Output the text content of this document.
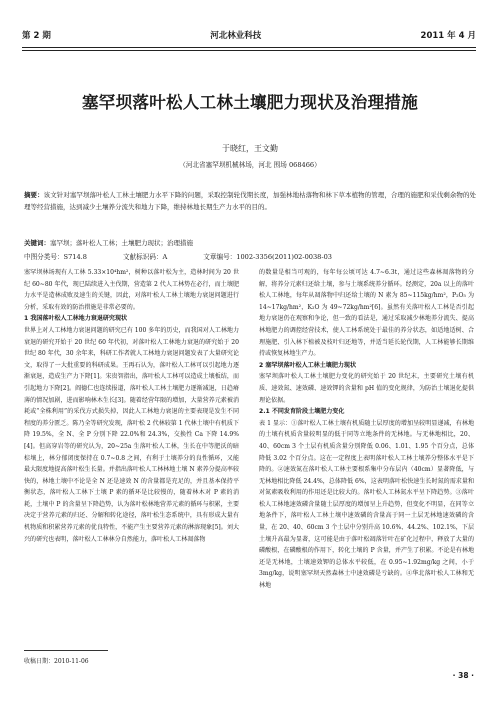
第 2 期	河北林业科技	2011 年 4 月
塞罕坝落叶松人工林土壤肥力现状及治理措施
于晓红，王文勤
（河北省塞罕坝机械林场，河北 围场 068466）
摘要：该文针对塞罕坝落叶松人工林土壤肥力水平下降的问题，采取控制轮伐期长度，加强林地枯落物和林下草本植物的管理，合理的施肥和采伐剩余物的处理等经营措施，达到减少土壤养分流失和地力下降，维持林地长期生产力水平的目的。
关键词：塞罕坝；落叶松人工林；土壤肥力现状；治理措施
中图分类号：S714.8	文献标识码：A	文章编号：1002-3356(2011)02-0038-03
塞罕坝林场现有人工林 5.33×10⁴hm²，树种以落叶松为主，造林时间为 20 世纪 60~80 年代，现已陆续进入主伐期，营造第 2 代人工林势在必行，而土壤肥力水平是造林成败及速生的关键，因此，对落叶松人工林土壤地力衰退问题进行分析，采取有效的防治措施是非常必要的。
1 我国落叶松人工林地力衰退研究现状
世界上对人工林地力衰退问题的研究已有 100 多年的历史，而我国对人工林地力衰退的研究开始于 20 世纪 60 年代初，对落叶松人工林地力衰退的研究始于 20 世纪 80 年代，30 余年来，科研工作者就人工林地力衰退问题发表了大量研究论文，取得了一大批重要的科研成果。王再石认为，落叶松人工林可以引起地力逐渐衰退，造成生产力下降[1]。宋贵智指出，落叶松人工林可以造成土壤板结，而引起地力下降[2]。阎德仁也连续报道，落叶松人工林土壤肥力逐渐减退，日趋瘠薄的情况加剧，进而影响林木生长[3]。随着经营年限的增加，大量营养元素被消耗或“全株利用”的采伐方式损失掉，因此人工林地力衰退的主要表现是发生不同程度的养分匮乏。陈乃全等研究发现，落叶松 2 代林较第 1 代林土壤中有机质下降 19.5%，全 N、全 P 分别下降 22.0%和 24.3%，交换性 Ca 下降 14.9%[4]。但高穿岩等的研究认为，20~25a 生落叶松人工林，生长在中等肥沃的暗棕壤上，林分郁闭度保持在 0.7~0.8 之间，有利于土壤养分的良性循环，又能最大限度地提高落叶松生长量。并指出落叶松人工林林地土壤 N 素养分提高率较快的，林地土壤中不论是全 N 还是速效 N 的含量都是充足的，并且基本保持平衡状态，落叶松人工林下土壤 P 素的循环是比较慢的，随着林木对 P 素的消耗，土壤中 P 的含量呈下降趋势，认为落叶松林地营养元素的循环与积累，主要决定于营养元素的归还、分解和转化途径，落叶松生态系统中，具有形成大量有机物质和积累营养元素的优良特性，不能产生主要营养元素的淋溶现象[5]。刘大兴的研究也表明，落叶松人工林林分自然能力，落叶松人工林凋落物
的数量是相当可观的，每年每公顷可达 4.7~6.3t，通过这些森林凋落物的分解，将养分元素归还给土壤，参与土壤系统养分循环。经测定，20a 以上的落叶松人工林地，每年从凋落物中归还给土壤的 N 素为 85~115kg/hm²，P₂O₅ 为 14~17kg/hm²，K₂O 为 49~72kg/hm²[6]。虽然有关落叶松人工林是否引起地力衰退仍在观察和争论，但一致的看法是，通过采取减少林地养分流失、提高林地肥力的调控经营技术，使人工林系统处于最佳的养分状态，如适地适树、合理施肥、引入林下植被及枝叶归还地等，并适当延长轮伐期，人工林能够长期维持或恢复林地生产力。
2 塞罕坝落叶松人工林土壤肥力现状
塞罕坝落叶松人工林土壤肥力变化的研究始于 20 世纪末，主要研究土壤有机质、速效氮、速效磷、速效钾的含量和 pH 值的变化规律，为防治土壤退化提供理论依据。
2.1 不同发育阶段土壤肥力变化
表 1 显示：①落叶松人工林土壤有机质随土层厚度的增加呈较明显递减，有林地的土壤有机质含量较明显的低于同等立地条件的无林地。与无林地相比，20、40、60cm 3 个土层有机质含量分别降低 0.06、1.01、1.95 个百分点，总体降低 3.02 个百分点。这在一定程度上表明落叶松人工林土壤养分整体水平是下降的。②速效氮在落叶松人工林主要根系集中分布层内（40cm）显著降低，与无林地相比降低 24.4%，总体降低 6%，这表明落叶松快速生长时氮的需求量和对氮素吸收利用的作用还是比较大的。落叶松人工林氮水平呈下降趋势。③落叶松人工林地速效磷含量随土层厚度的增加呈上升趋势，但变化不明显，在同等立地条件下，落叶松人工林土壤中速效磷的含量高于同一土层无林地速效磷的含量，在 20、40、60cm 3 个土层中分别升高 10.6%、44.2%、102.1%，下层土壤升高最为显著，这可能是由于落叶松凋落针叶在矿化过程中，释放了大量的磷酸根，在磷酸根的作用下，转化土壤的 P 含量，并产生了积累。不论是有林地还是无林地，土壤速效钾的总体水平较低，在 0.95~1.92mg/kg 之间，小于 3mg/kg，说明塞罕坝天然森林土中速效磷是亏缺的。④华北落叶松人工林和无林地
收稿日期：2010-11-06
· 38 ·
